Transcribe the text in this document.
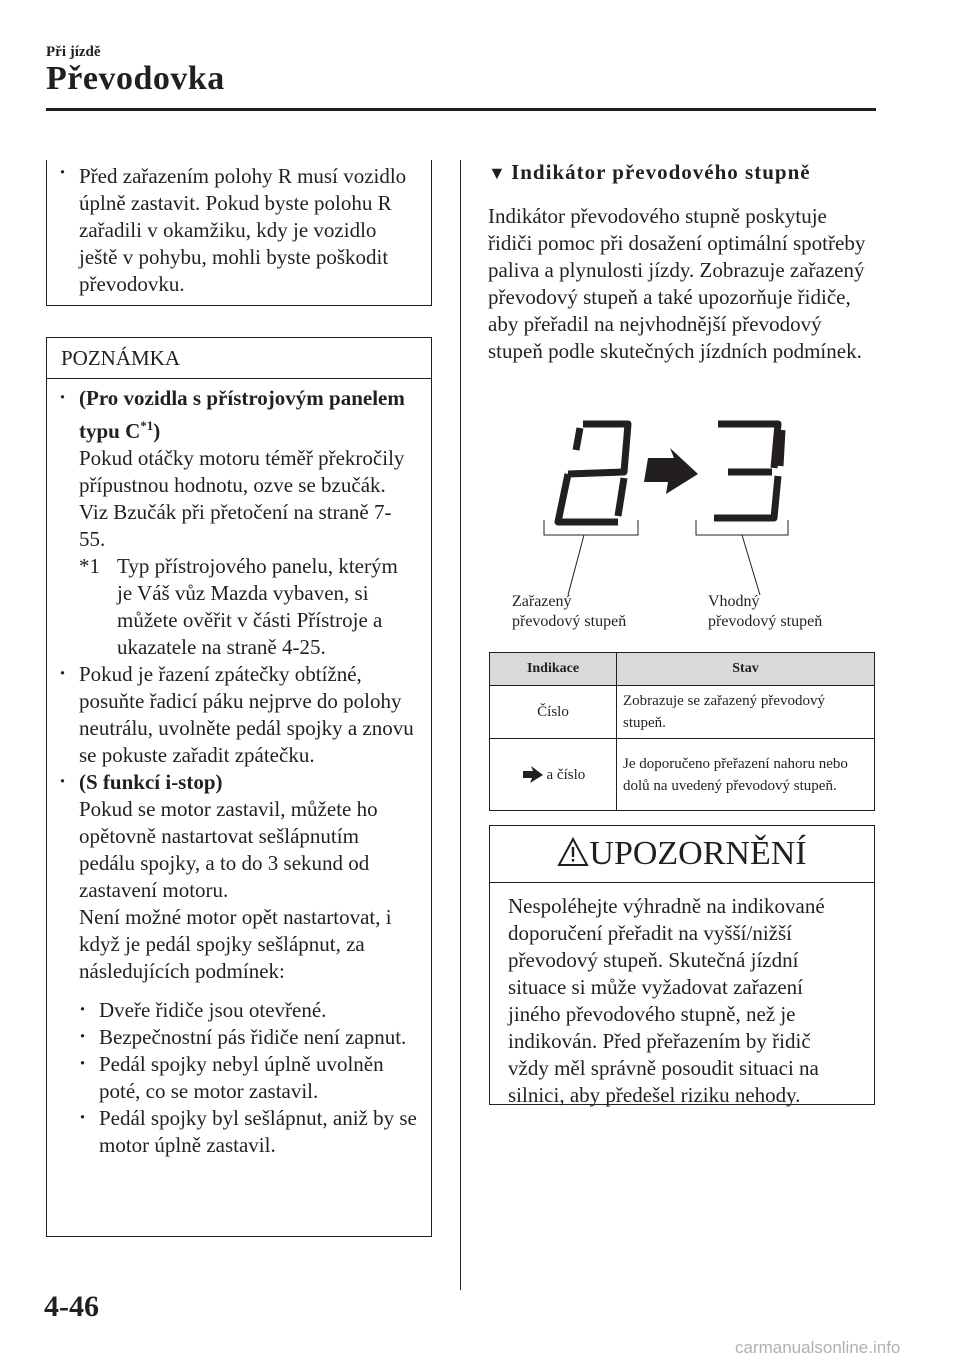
Při jízdě
Převodovka
· Před zařazením polohy R musí vozidlo úplně zastavit. Pokud byste polohu R zařadili v okamžiku, kdy je vozidlo ještě v pohybu, mohli byste poškodit převodovku.
POZNÁMKA
· (Pro vozidla s přístrojovým panelem typu $C^{*1}$)
Pokud otáčky motoru téměř překročily přípustnou hodnotu, ozve se bzučák.
Viz Bzučák při přetočení na straně 7-55.
*1 Typ přístrojového panelu, kterým je Váš vůz Mazda vybaven, si můžete ověřit v části Přístroje a ukazatele na straně 4-25.
· Pokud je řazení zpátečky obtížné, posuňte řadicí páku nejprve do polohy neutrálu, uvolněte pedál spojky a znovu se pokuste zařadit zpátečku.
· (S funkcí i-stop)
Pokud se motor zastavil, můžete ho opětovně nastartovat sešlápnutím pedálu spojky, a to do 3 sekund od zastavení motoru.
Není možné motor opět nastartovat, i když je pedál spojky sešlápnut, za následujících podmínek:
· Dveře řidiče jsou otevřené.
· Bezpečnostní pás řidiče není zapnut.
· Pedál spojky nebyl úplně uvolněn poté, co se motor zastavil.
· Pedál spojky byl sešlápnut, aniž by se motor úplně zastavil.
▼ Indikátor převodového stupně
Indikátor převodového stupně poskytuje řidiči pomoc při dosažení optimální spotřeby paliva a plynulosti jízdy. Zobrazuje zařazený převodový stupeň a také upozorňuje řidiče, aby přeřadil na nejvhodnější převodový stupeň podle skutečných jízdních podmínek.
Zařazený
převodový stupeň
Vhodný
převodový stupeň
Indikace	Stav
Číslo	Zobrazuje se zařazený převodový stupeň.
a číslo	Je doporučeno přeřazení nahoru nebo dolů na uvedený převodový stupeň.
UPOZORNĚNÍ
Nespoléhejte výhradně na indikované doporučení přeřadit na vyšší/nižší převodový stupeň. Skutečná jízdní situace si může vyžadovat zařazení jiného převodového stupně, než je indikován. Před přeřazením by řidič vždy měl správně posoudit situaci na silnici, aby předešel riziku nehody.
4-46
carmanualsonline.info
